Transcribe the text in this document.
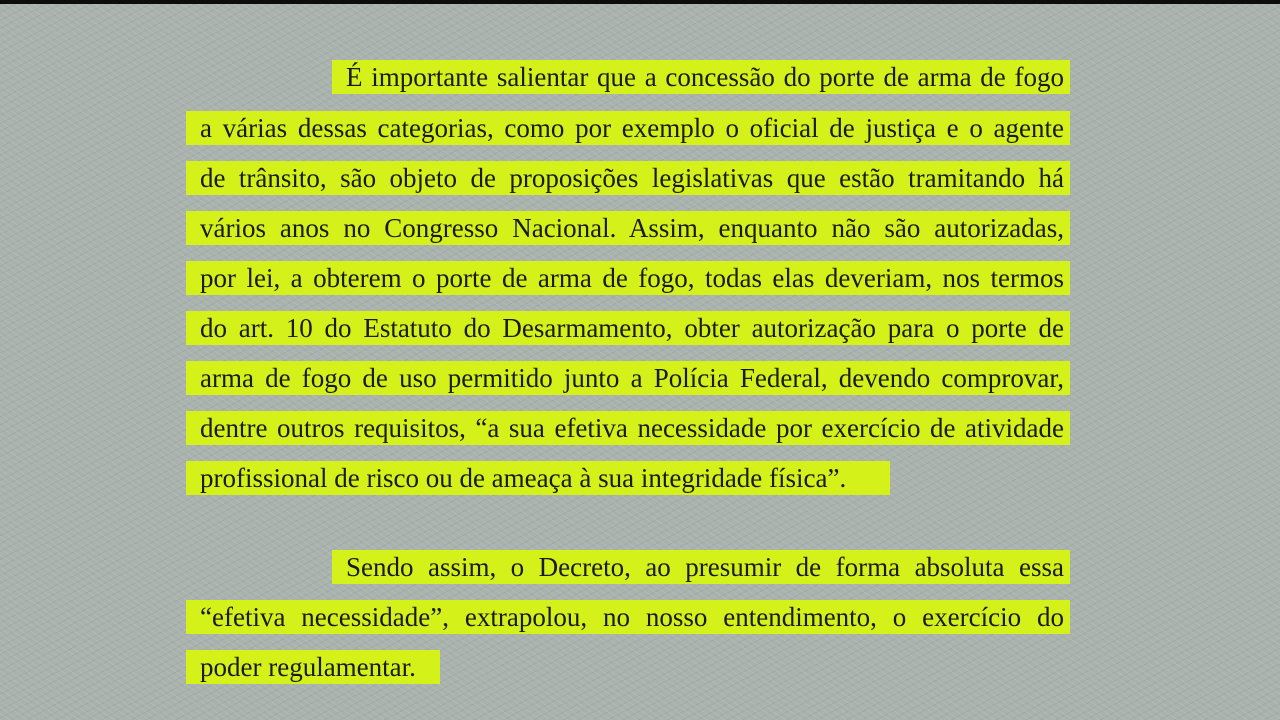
É importante salientar que a concessão do porte de arma de fogo
a várias dessas categorias, como por exemplo o oficial de justiça e o agente
de trânsito, são objeto de proposições legislativas que estão tramitando há
vários anos no Congresso Nacional. Assim, enquanto não são autorizadas,
por lei, a obterem o porte de arma de fogo, todas elas deveriam, nos termos
do art. 10 do Estatuto do Desarmamento, obter autorização para o porte de
arma de fogo de uso permitido junto a Polícia Federal, devendo comprovar,
dentre outros requisitos, “a sua efetiva necessidade por exercício de atividade
profissional de risco ou de ameaça à sua integridade física”.
Sendo assim, o Decreto, ao presumir de forma absoluta essa
“efetiva necessidade”, extrapolou, no nosso entendimento, o exercício do
poder regulamentar.
